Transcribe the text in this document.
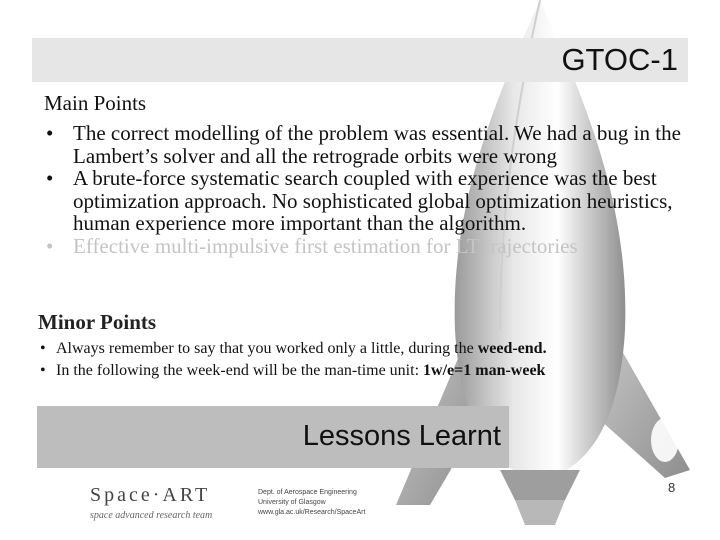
GTOC-1
Main Points
• The correct modelling of the problem was essential. We had a bug in the Lambert’s solver and all the retrograde orbits were wrong
• A brute-force systematic search coupled with experience was the best optimization approach. No sophisticated global optimization heuristics, human experience more important than the algorithm.
• Effective multi-impulsive first estimation for LT trajectories
Minor Points
• Always remember to say that you worked only a little, during the weed-end.
• In the following the week-end will be the man-time unit: 1w/e=1 man-week
Lessons Learnt
Space·ART
space advanced research team
Dept. of Aerospace Engineering
University of Glasgow
www.gla.ac.uk/Research/SpaceArt
8
